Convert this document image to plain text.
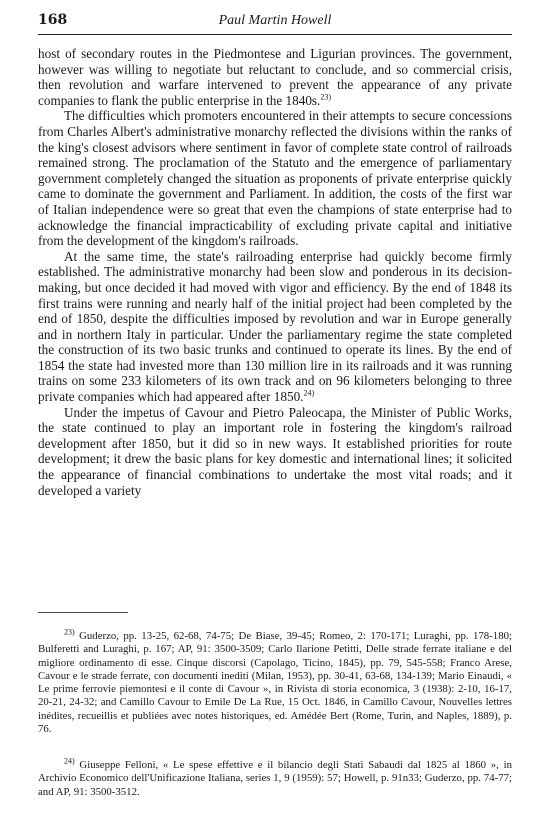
168	Paul Martin Howell

host of secondary routes in the Piedmontese and Ligurian provinces. The government, however was willing to negotiate but reluctant to conclude, and so commercial crisis, then revolution and warfare intervened to prevent the appearance of any private companies to flank the public enterprise in the 1840s.$^{23)}$

The difficulties which promoters encountered in their attempts to secure concessions from Charles Albert's administrative monarchy reflected the divisions within the ranks of the king's closest advisors where sentiment in favor of complete state control of railroads remained strong. The proclamation of the Statuto and the emergence of parliamentary government completely changed the situation as proponents of private enterprise quickly came to dominate the government and Parliament. In addition, the costs of the first war of Italian independence were so great that even the champions of state enterprise had to acknowledge the financial impracticability of excluding private capital and initiative from the development of the kingdom's railroads.

At the same time, the state's railroading enterprise had quickly become firmly established. The administrative monarchy had been slow and ponderous in its decision-making, but once decided it had moved with vigor and efficiency. By the end of 1848 its first trains were running and nearly half of the initial project had been completed by the end of 1850, despite the difficulties imposed by revolution and war in Europe generally and in northern Italy in particular. Under the parliamentary regime the state completed the construction of its two basic trunks and continued to operate its lines. By the end of 1854 the state had invested more than 130 million lire in its railroads and it was running trains on some 233 kilometers of its own track and on 96 kilometers belonging to three private companies which had appeared after 1850.$^{24)}$

Under the impetus of Cavour and Pietro Paleocapa, the Minister of Public Works, the state continued to play an important role in fostering the kingdom's railroad development after 1850, but it did so in new ways. It established priorities for route development; it drew the basic plans for key domestic and international lines; it solicited the appearance of financial combinations to undertake the most vital roads; and it developed a variety

$^{23)}$ Guderzo, pp. 13-25, 62-68, 74-75; De Biase, 39-45; Romeo, 2: 170-171; Luraghi, pp. 178-180; Bulferetti and Luraghi, p. 167; AP, 91: 3500-3509; Carlo Ilarione Petitti, Delle strade ferrate italiane e del migliore ordinamento di esse. Cinque discorsi (Capolago, Ticino, 1845), pp. 79, 545-558; Franco Arese, Cavour e le strade ferrate, con documenti inediti (Milan, 1953), pp. 30-41, 63-68, 134-139; Mario Einaudi, « Le prime ferrovie piemontesi e il conte di Cavour », in Rivista di storia economica, 3 (1938): 2-10, 16-17, 20-21, 24-32; and Camillo Cavour to Emile De La Rue, 15 Oct. 1846, in Camillo Cavour, Nouvelles lettres inédites, recueillis et publiées avec notes historiques, ed. Amédée Bert (Rome, Turin, and Naples, 1889), p. 76.

$^{24)}$ Giuseppe Felloni, « Le spese effettive e il bilancio degli Stati Sabaudi dal 1825 al 1860 », in Archivio Economico dell'Unificazione Italiana, series 1, 9 (1959): 57; Howell, p. 91n33; Guderzo, pp. 74-77; and AP, 91: 3500-3512.
